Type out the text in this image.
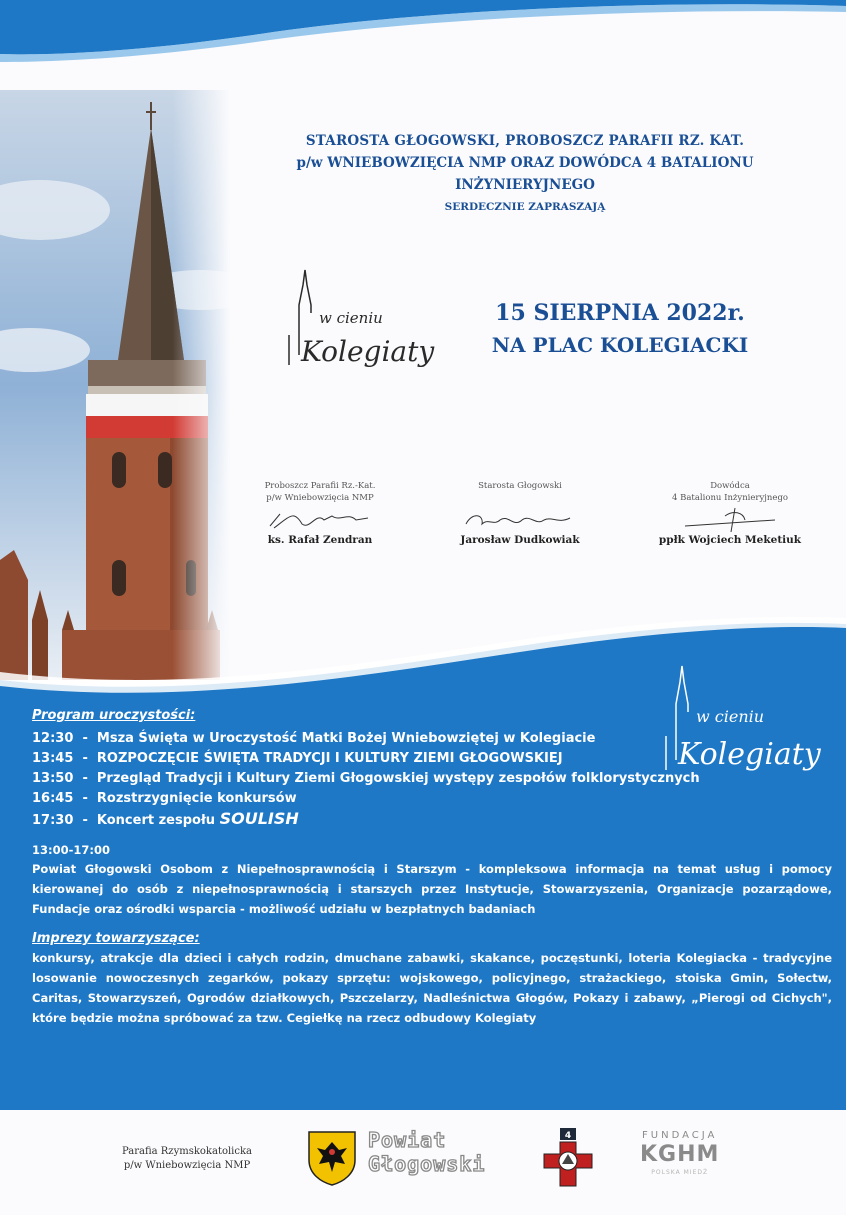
STAROSTA GŁOGOWSKI, PROBOSZCZ PARAFII RZ. KAT.

p/w WNIEBOWZIĘCIA NMP ORAZ DOWÓDCA 4 BATALIONU INŻYNIERYJNEGO

SERDECZNIE ZAPRASZAJĄ

w cieniu
Kolegiaty

15 SIERPNIA 2022r.

NA PLAC KOLEGIACKI

Proboszcz Parafii Rz.-Kat.
p/w Wniebowzięcia NMP
ks. Rafał Zendran
Starosta Głogowski
Jarosław Dudkowiak
Dowódca
4 Batalionu Inżynieryjnego
ppłk Wojciech Meketiuk
w cieniu
Kolegiaty

Program uroczystości:

12:30  -  Msza Święta w Uroczystość Matki Bożej Wniebowziętej w Kolegiacie
13:45  -  ROZPOCZĘCIE ŚWIĘTA TRADYCJI I KULTURY ZIEMI GŁOGOWSKIEJ
13:50  -  Przegląd Tradycji i Kultury Ziemi Głogowskiej występy zespołów folklorystycznych
16:45  -  Rozstrzygnięcie konkursów
17:30  -  Koncert zespołu SOULISH
13:00-17:00
Powiat Głogowski Osobom z Niepełnosprawnością i Starszym - kompleksowa informacja na temat usług i pomocy kierowanej do osób z niepełnosprawnością i starszych przez Instytucje, Stowarzyszenia, Organizacje pozarządowe, Fundacje oraz ośrodki wsparcia - możliwość udziału w bezpłatnych badaniach

Imprezy towarzyszące:

konkursy, atrakcje dla dzieci i całych rodzin, dmuchane zabawki, skakance, poczęstunki, loteria Kolegiacka - tradycyjne losowanie nowoczesnych zegarków, pokazy sprzętu: wojskowego, policyjnego, strażackiego, stoiska Gmin, Sołectw, Caritas, Stowarzyszeń, Ogrodów działkowych, Pszczelarzy, Nadleśnictwa Głogów, Pokazy i zabawy, „Pierogi od Cichych", które będzie można spróbować za tzw. Cegiełkę na rzecz odbudowy Kolegiaty
Parafia Rzymskokatolicka
p/w Wniebowzięcia NMP
Powiat
Głogowski
4	FUNDACJA
KGHM
POLSKA MIEDŹ
